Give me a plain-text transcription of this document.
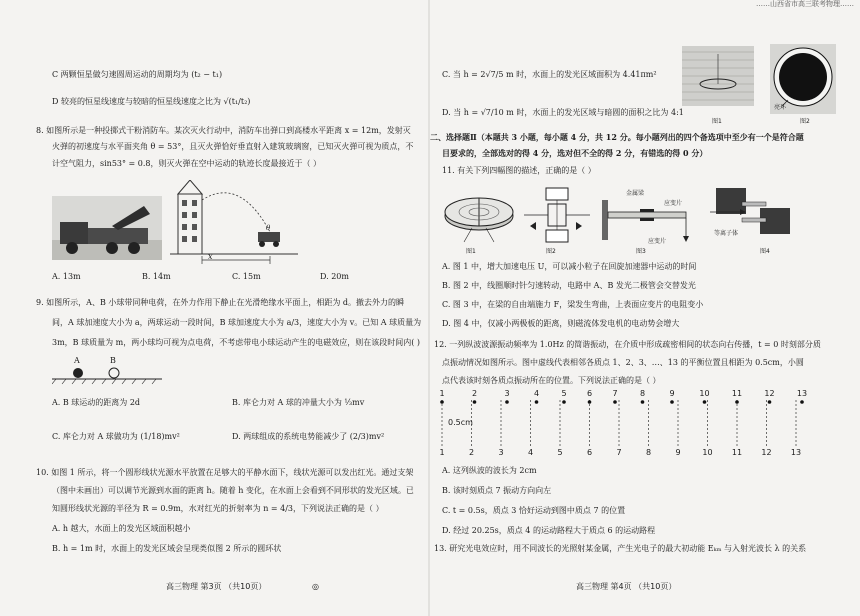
……山西省市高三联考物理……
C 两颗恒星做匀速圆周运动的周期均为 (t₂ − t₁)
D 较亮的恒星线速度与较暗的恒星线速度之比为 √(t₁/t₂)
8. 如图所示是一种投掷式干粉消防车。某次灭火行动中，消防车出弹口到高楼水平距离 x = 12m，发射灭
火弹的初速度与水平面夹角 θ = 53°，且灭火弹恰好垂直射入建筑玻璃窗，已知灭火弹可视为质点，不
计空气阻力，sin53° = 0.8，则灭火弹在空中运动的轨迹长度最接近于（ ）
x
θ
A. 13m	B. 14m	C. 15m	D. 20m
9. 如图所示，A、B 小球带同种电荷，在外力作用下静止在光滑绝缘水平面上，相距为 d。撤去外力的瞬
间，A 球加速度大小为 a，两球运动一段时间，B 球加速度大小为 a/3，速度大小为 v。已知 A 球质量为
3m，B 球质量为 m，两小球均可视为点电荷，不考虑带电小球运动产生的电磁效应，则在该段时间内( )
A	B
A. B 球运动的距离为 2d	B. 库仑力对 A 球的冲量大小为 ⅓mv
C. 库仑力对 A 球做功为 (1/18)mv²	D. 两球组成的系统电势能减少了 (2/3)mv²
10. 如图 1 所示，将一个圆形线状光源水平放置在足够大的平静水面下，线状光源可以发出红光。通过支架
（图中未画出）可以调节光源到水面的距离 h。随着 h 变化，在水面上会看到不同形状的发光区域。已
知圆形线状光源的半径为 R = 0.9m，水对红光的折射率为 n = 4/3，下列说法正确的是（ ）
A. h 越大，水面上的发光区域面积越小
B. h = 1m 时，水面上的发光区域会呈现类似图 2 所示的圆环状
高三物理 第3页 （共10页）	◎
C. 当 h = 2√7/5 m 时，水面上的发光区域面积为 4.41πm²
D. 当 h = √7/10 m 时，水面上的发光区域与暗圆的面积之比为 4:1
图1
亮环
图2
二、选择题Ⅱ（本题共 3 小题，每小题 4 分，共 12 分。每小题列出的四个备选项中至少有一个是符合题
目要求的，全部选对的得 4 分，选对但不全的得 2 分，有错选的得 0 分）
11. 有关下列四幅图的描述，正确的是（ ）
图1	图2
金属梁
应变片
应变片
图3
等离子体
图4
A. 图 1 中，增大加速电压 U，可以减小粒子在回旋加速器中运动的时间
B. 图 2 中，线圈顺时针匀速转动，电路中 A、B 发光二极管会交替发光
C. 图 3 中，在梁的自由端施力 F，梁发生弯曲，上表面应变片的电阻变小
D. 图 4 中，仅减小两极板的距离，则磁流体发电机的电动势会增大
12. 一列纵波波源振动频率为 1.0Hz 的简谐振动，在介质中形成疏密相间的状态向右传播，t = 0 时刻部分质
点振动情况如图所示。图中虚线代表相邻各质点 1、2、3、…、13 的平衡位置且相距为 0.5cm，小圆
点代表该时刻各质点振动所在的位置。下列说法正确的是（ ）
1	2	3	4	5	6	7	8	9	10	11	12	13
1	2	3	4	5	6	7	8	9	10 11 12 13
0.5cm
A. 这列纵波的波长为 2cm
B. 该时刻质点 7 振动方向向左
C. t = 0.5s，质点 3 恰好运动到图中质点 7 的位置
D. 经过 20.25s，质点 4 的运动路程大于质点 6 的运动路程
13. 研究光电效应时，用不同波长的光照射某金属，产生光电子的最大初动能 Eₖₘ 与入射光波长 λ 的关系
高三物理 第4页 （共10页）
